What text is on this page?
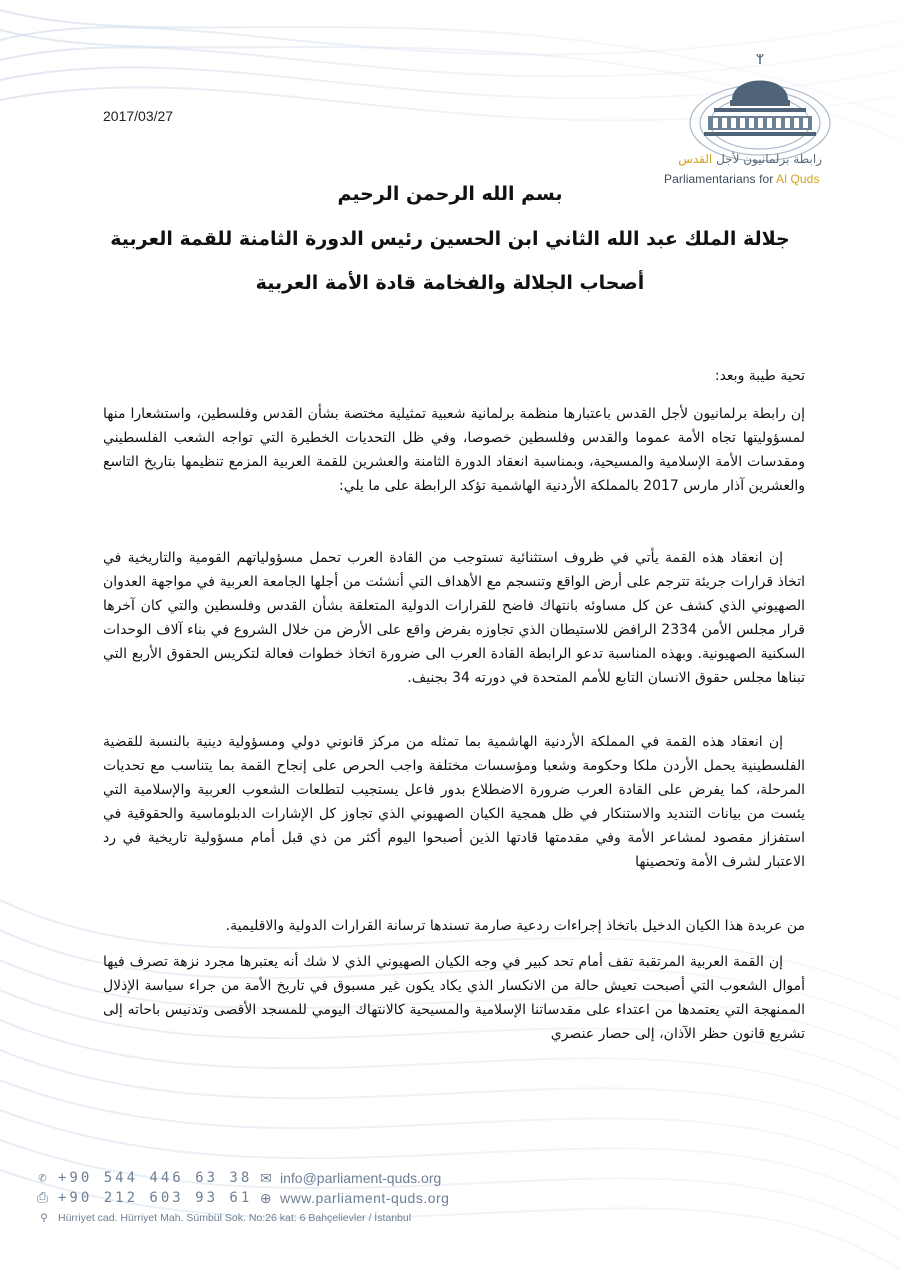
2017/03/27
رابطة برلمانيون لأجل القدس
Parliamentarians for Al Quds
بسم الله الرحمن الرحيم
جلالة الملك عبد الله الثاني ابن الحسين رئيس الدورة الثامنة للقمة العربية
أصحاب الجلالة والفخامة قادة الأمة العربية
تحية طيبة وبعد:
إن رابطة برلمانيون لأجل القدس باعتبارها منظمة برلمانية شعبية تمثيلية مختصة بشأن القدس وفلسطين، واستشعارا منها لمسؤوليتها تجاه الأمة عموما والقدس وفلسطين خصوصا، وفي ظل التحديات الخطيرة التي تواجه الشعب الفلسطيني ومقدسات الأمة الإسلامية والمسيحية، وبمناسبة انعقاد الدورة الثامنة والعشرين للقمة العربية المزمع تنظيمها بتاريخ التاسع والعشرين آذار مارس 2017 بالمملكة الأردنية الهاشمية تؤكد الرابطة على ما يلي:
إن انعقاد هذه القمة يأتي في ظروف استثنائية تستوجب من القادة العرب تحمل مسؤولياتهم القومية والتاريخية في اتخاذ قرارات جريئة تترجم على أرض الواقع وتنسجم مع الأهداف التي أنشئت من أجلها الجامعة العربية في مواجهة العدوان الصهيوني الذي كشف عن كل مساوئه بانتهاك فاضح للقرارات الدولية المتعلقة بشأن القدس وفلسطين والتي كان آخرها قرار مجلس الأمن 2334 الرافض للاستيطان الذي تجاوزه بفرض واقع على الأرض من خلال الشروع في بناء آلاف الوحدات السكنية الصهيونية. وبهذه المناسبة تدعو الرابطة القادة العرب الى ضرورة اتخاذ خطوات فعالة لتكريس الحقوق الأربع التي تبناها مجلس حقوق الانسان التابع للأمم المتحدة في دورته 34 بجنيف.
إن انعقاد هذه القمة في المملكة الأردنية الهاشمية بما تمثله من مركز قانوني دولي ومسؤولية دينية بالنسبة للقضية الفلسطينية يحمل الأردن ملكا وحكومة وشعبا ومؤسسات مختلفة واجب الحرص على إنجاح القمة بما يتناسب مع تحديات المرحلة، كما يفرض على القادة العرب ضرورة الاضطلاع بدور فاعل يستجيب لتطلعات الشعوب العربية والإسلامية التي يئست من بيانات التنديد والاستنكار في ظل همجية الكيان الصهيوني الذي تجاوز كل الإشارات الدبلوماسية والحقوقية في استفزاز مقصود لمشاعر الأمة وفي مقدمتها قادتها الذين أصبحوا اليوم أكثر من ذي قبل أمام مسؤولية تاريخية في رد الاعتبار لشرف الأمة وتحصينها
من عربدة هذا الكيان الدخيل باتخاذ إجراءات ردعية صارمة تسندها ترسانة القرارات الدولية والاقليمية.
إن القمة العربية المرتقبة تقف أمام تحد كبير في وجه الكيان الصهيوني الذي لا شك أنه يعتبرها مجرد نزهة تصرف فيها أموال الشعوب التي أصبحت تعيش حالة من الانكسار الذي يكاد يكون غير مسبوق في تاريخ الأمة من جراء سياسة الإذلال الممنهجة التي يعتمدها من اعتداء على مقدساتنا الإسلامية والمسيحية كالانتهاك اليومي للمسجد الأقصى وتدنيس باحاته إلى تشريع قانون حظر الآذان، إلى حصار عنصري
✆ +90 544 446 63 38
⎙ +90 212 603 93 61
✉ info@parliament-quds.org
⊕ www.parliament-quds.org
⚲ Hürriyet cad. Hürriyet Mah. Sümbül Sok. No:26 kat: 6 Bahçelievler / İstanbul
